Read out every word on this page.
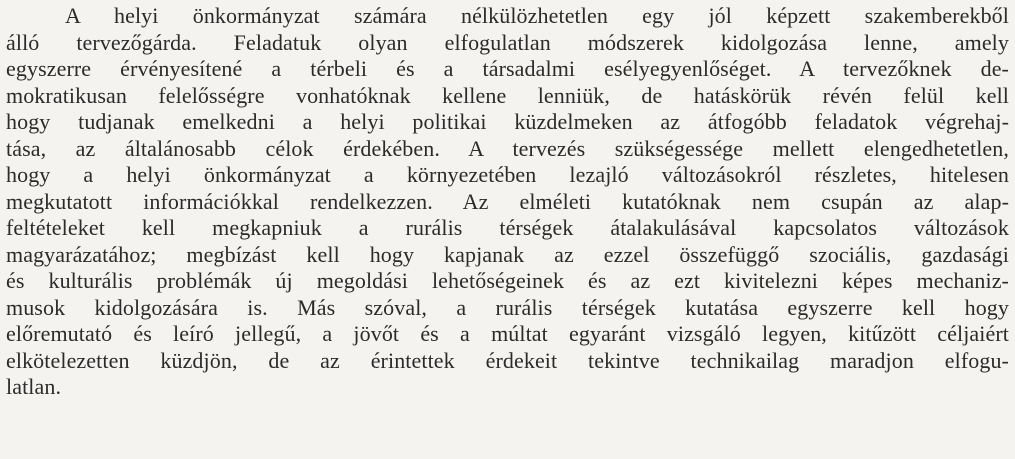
A helyi önkormányzat számára nélkülözhetetlen egy jól képzett szakemberekből
álló tervezőgárda. Feladatuk olyan elfogulatlan módszerek kidolgozása lenne, amely
egyszerre érvényesítené a térbeli és a társadalmi esélyegyenlőséget. A tervezőknek de-
mokratikusan felelősségre vonhatóknak kellene lenniük, de hatáskörük révén felül kell
hogy tudjanak emelkedni a helyi politikai küzdelmeken az átfogóbb feladatok végrehaj-
tása, az általánosabb célok érdekében. A tervezés szükségessége mellett elengedhetetlen,
hogy a helyi önkormányzat a környezetében lezajló változásokról részletes, hitelesen
megkutatott információkkal rendelkezzen. Az elméleti kutatóknak nem csupán az alap-
feltételeket kell megkapniuk a rurális térségek átalakulásával kapcsolatos változások
magyarázatához; megbízást kell hogy kapjanak az ezzel összefüggő szociális, gazdasági
és kulturális problémák új megoldási lehetőségeinek és az ezt kivitelezni képes mechaniz-
musok kidolgozására is. Más szóval, a rurális térségek kutatása egyszerre kell hogy
előremutató és leíró jellegű, a jövőt és a múltat egyaránt vizsgáló legyen, kitűzött céljaiért
elkötelezetten küzdjön, de az érintettek érdekeit tekintve technikailag maradjon elfogu-
latlan.
